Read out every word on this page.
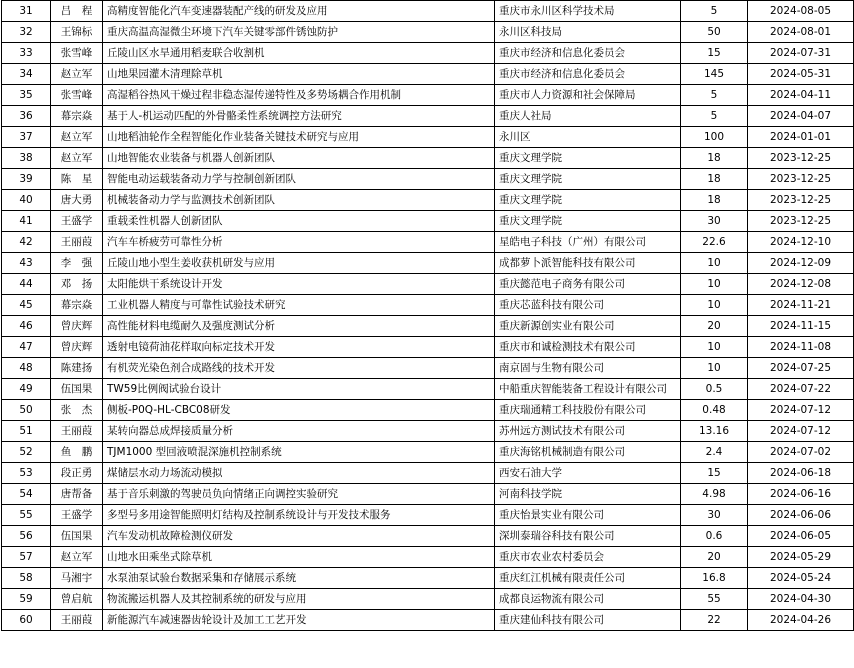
31	吕　程	高精度智能化汽车变速器装配产线的研发及应用	重庆市永川区科学技术局	5	2024-08-05
32	王锦标	重庆高温高湿微尘环境下汽车关键零部件锈蚀防护	永川区科技局	50	2024-08-01
33	张雪峰	丘陵山区水旱通用稻麦联合收割机	重庆市经济和信息化委员会	15	2024-07-31
34	赵立军	山地果园灌木清理除草机	重庆市经济和信息化委员会	145	2024-05-31
35	张雪峰	高湿稻谷热风干燥过程非稳态湿传递特性及多势场耦合作用机制	重庆市人力资源和社会保障局	5	2024-04-11
36	幕宗焱	基于人-机运动匹配的外骨骼柔性系统调控方法研究	重庆人社局	5	2024-04-07
37	赵立军	山地稻油轮作全程智能化作业装备关键技术研究与应用	永川区	100	2024-01-01
38	赵立军	山地智能农业装备与机器人创新团队	重庆文理学院	18	2023-12-25
39	陈　星	智能电动运载装备动力学与控制创新团队	重庆文理学院	18	2023-12-25
40	唐大勇	机械装备动力学与监测技术创新团队	重庆文理学院	18	2023-12-25
41	王盛学	重载柔性机器人创新团队	重庆文理学院	30	2023-12-25
42	王丽葭	汽车车桥疲劳可靠性分析	星皓电子科技（广州）有限公司	22.6	2024-12-10
43	李　强	丘陵山地小型生姜收获机研发与应用	成都萝卜派智能科技有限公司	10	2024-12-09
44	邓　扬	太阳能烘干系统设计开发	重庆懿范电子商务有限公司	10	2024-12-08
45	幕宗焱	工业机器人精度与可靠性试验技术研究	重庆芯蓝科技有限公司	10	2024-11-21
46	曾庆辉	高性能材料电缆耐久及强度测试分析	重庆新源创实业有限公司	20	2024-11-15
47	曾庆辉	透射电镜荷油花样取向标定技术开发	重庆市和诚检测技术有限公司	10	2024-11-08
48	陈建扬	有机荧光染色剂合成路线的技术开发	南京固与生物有限公司	10	2024-07-25
49	伍国果	TW59比例阀试验台设计	中船重庆智能装备工程设计有限公司	0.5	2024-07-22
50	张　杰	侧板-P0Q-HL-CBC08研发	重庆瑞通精工科技股份有限公司	0.48	2024-07-12
51	王丽葭	某转向器总成焊接质量分析	苏州远方测试技术有限公司	13.16	2024-07-12
52	鱼　鹏	TJM1000 型回液喷混深施机控制系统	重庆海铭机械制造有限公司	2.4	2024-07-02
53	段正勇	煤储层水动力场流动模拟	西安石油大学	15	2024-06-18
54	唐帮备	基于音乐刺激的驾驶员负向情绪正向调控实验研究	河南科技学院	4.98	2024-06-16
55	王盛学	多型号多用途智能照明灯结构及控制系统设计与开发技术服务	重庆怡景实业有限公司	30	2024-06-06
56	伍国果	汽车发动机故障检测仪研发	深圳泰瑞谷科技有限公司	0.6	2024-06-05
57	赵立军	山地水田乘坐式除草机	重庆市农业农村委员会	20	2024-05-29
58	马湘宇	水泵油泵试验台数据采集和存储展示系统	重庆红江机械有限责任公司	16.8	2024-05-24
59	曾启航	物流搬运机器人及其控制系统的研发与应用	成都良运物流有限公司	55	2024-04-30
60	王丽葭	新能源汽车减速器齿轮设计及加工工艺开发	重庆建仙科技有限公司	22	2024-04-26
